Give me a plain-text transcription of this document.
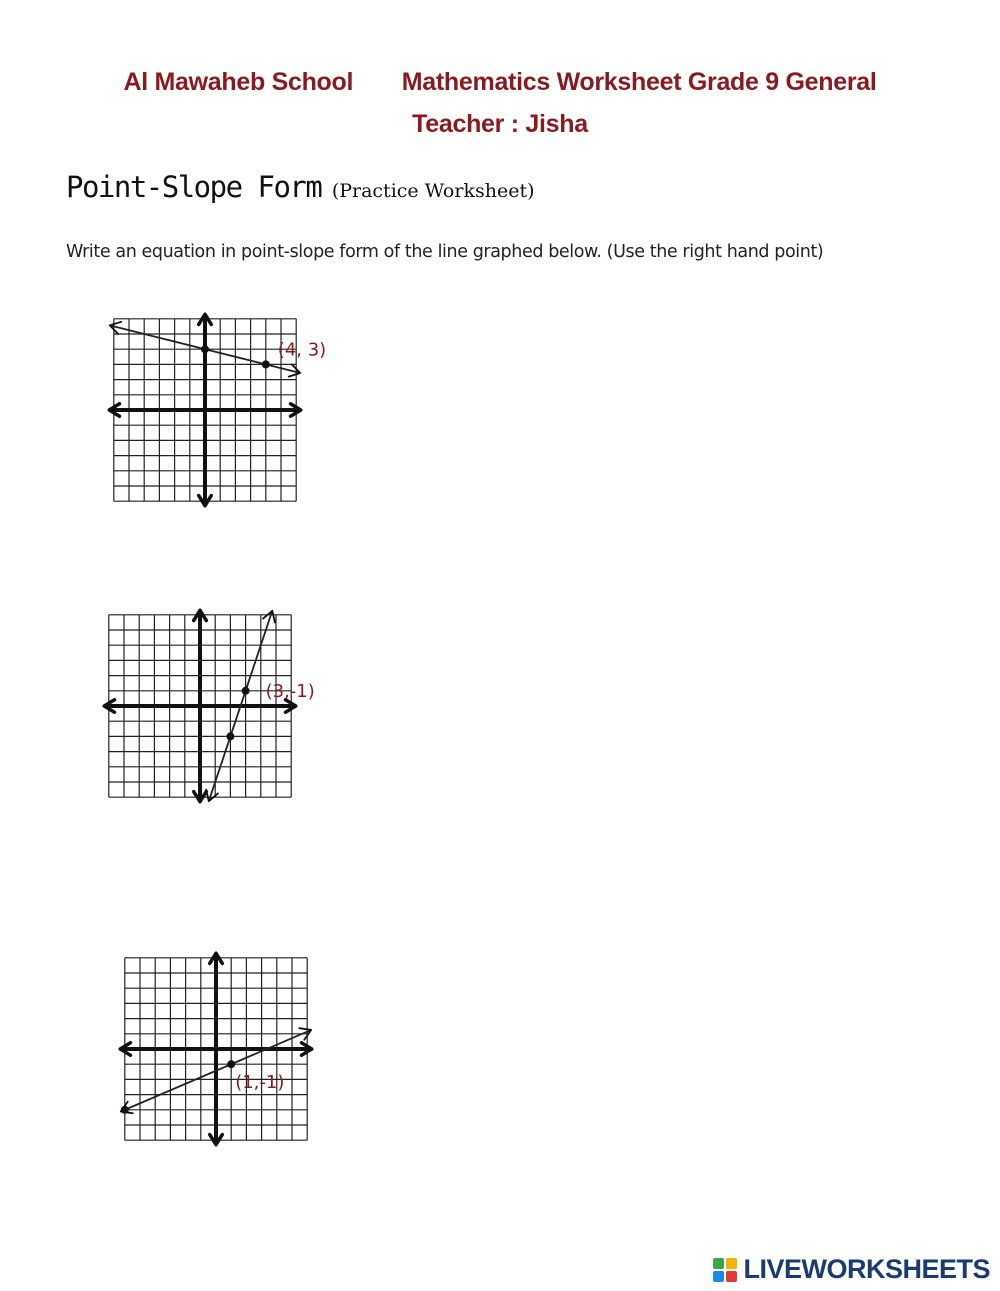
Al Mawaheb School Mathematics Worksheet Grade 9 General
Teacher : Jisha
Point-Slope Form (Practice Worksheet)
Write an equation in point-slope form of the line graphed below. (Use the right hand point)
(4, 3)
(3,-1)
(1,-1)
LIVEWORKSHEETS
